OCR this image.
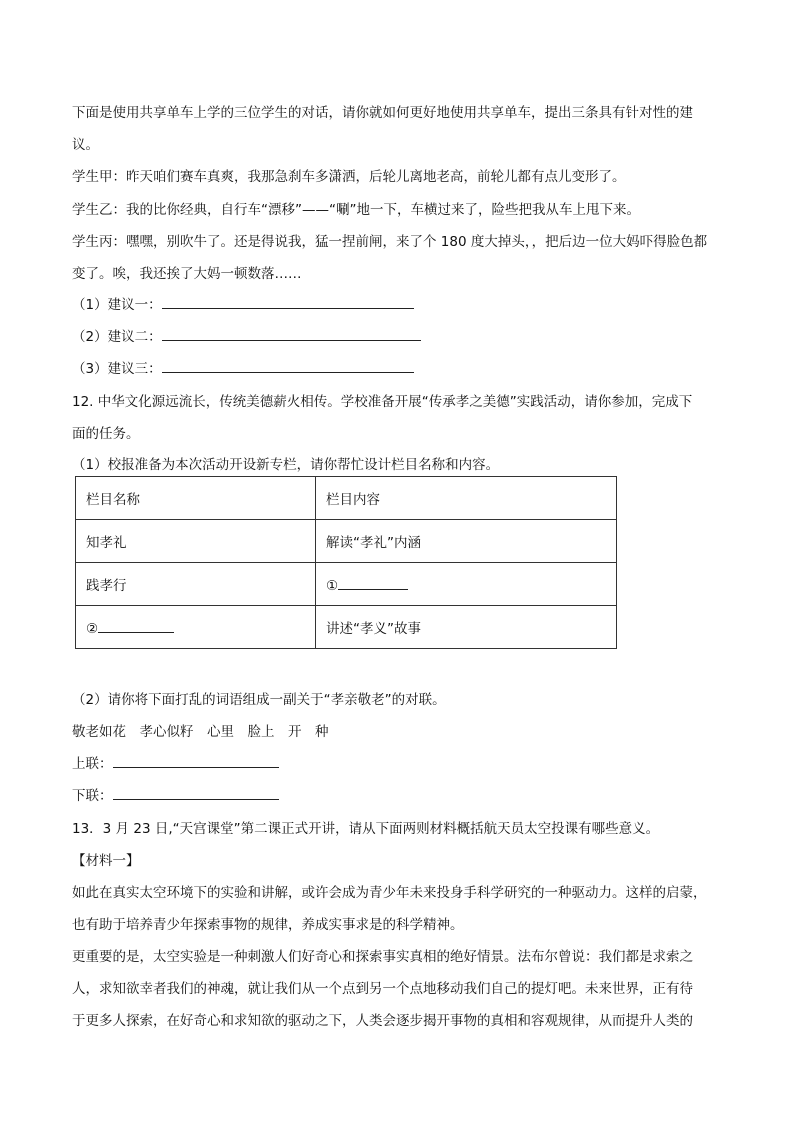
下面是使用共享单车上学的三位学生的对话，请你就如何更好地使用共享单车，提出三条具有针对性的建
议。
学生甲：昨天咱们赛车真爽，我那急刹车多潇洒，后轮儿离地老高，前轮儿都有点儿变形了。
学生乙：我的比你经典，自行车“漂移”——“唰”地一下，车横过来了，险些把我从车上甩下来。
学生丙：嘿嘿，别吹牛了。还是得说我，猛一捏前闸，来了个 180 度大掉头，，把后边一位大妈吓得脸色都
变了。唉，我还挨了大妈一顿数落……
（1）建议一：
（2）建议二：
（3）建议三：
12. 中华文化源远流长，传统美德薪火相传。学校准备开展“传承孝之美德”实践活动，请你参加，完成下
面的任务。
（1）校报准备为本次活动开设新专栏，请你帮忙设计栏目名称和内容。
栏目名称	栏目内容
知孝礼	解读“孝礼”内涵
践孝行	①
②	讲述“孝义”故事
（2）请你将下面打乱的词语组成一副关于“孝亲敬老”的对联。
敬老如花　孝心似籽　心里　脸上　开　种
上联：
下联：
13．3 月 23 日,“天宫课堂”第二课正式开讲，请从下面两则材料概括航天员太空投课有哪些意义。
【材料一】
如此在真实太空环境下的实验和讲解，或许会成为青少年未来投身手科学研究的一种驱动力。这样的启蒙，
也有助于培养青少年探索事物的规律，养成实事求是的科学精神。
更重要的是，太空实验是一种刺激人们好奇心和探索事实真相的绝好情景。法布尔曾说：我们都是求索之
人，求知欲幸者我们的神魂，就让我们从一个点到另一个点地移动我们自己的提灯吧。未来世界，正有待
于更多人探索，在好奇心和求知欲的驱动之下，人类会逐步揭开事物的真相和容观规律，从而提升人类的
